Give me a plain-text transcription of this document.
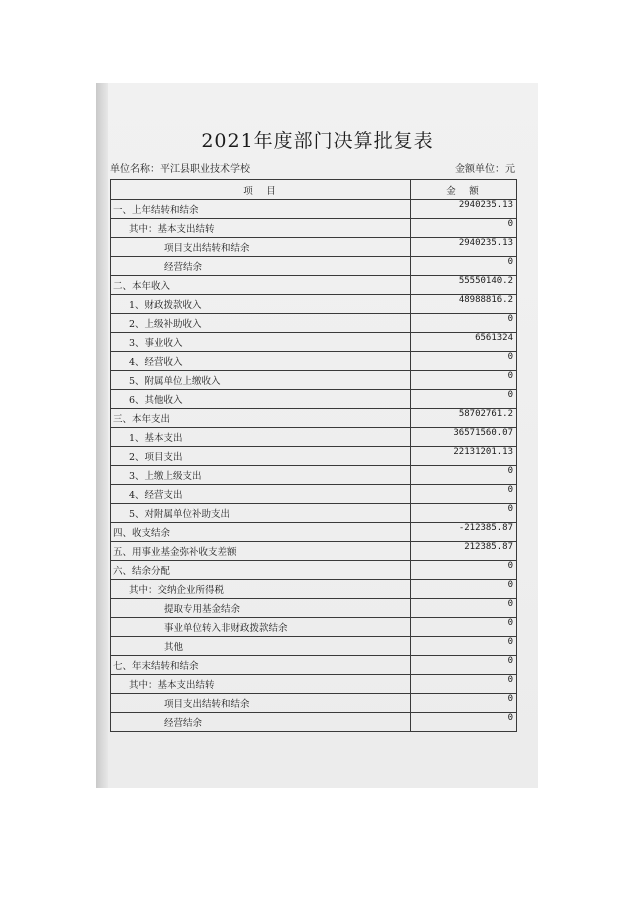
2021年度部门决算批复表
单位名称：平江县职业技术学校	金额单位：元
项　目	金　额
一、上年结转和结余	2940235.13
其中：基本支出结转	0
项目支出结转和结余	2940235.13
经营结余	0
二、本年收入	55550140.2
1、财政拨款收入	48988816.2
2、上级补助收入	0
3、事业收入	6561324
4、经营收入	0
5、附属单位上缴收入	0
6、其他收入	0
三、本年支出	58702761.2
1、基本支出	36571560.07
2、项目支出	22131201.13
3、上缴上级支出	0
4、经营支出	0
5、对附属单位补助支出	0
四、收支结余	-212385.87
五、用事业基金弥补收支差额	212385.87
六、结余分配	0
其中：交纳企业所得税	0
提取专用基金结余	0
事业单位转入非财政拨款结余	0
其他	0
七、年末结转和结余	0
其中：基本支出结转	0
项目支出结转和结余	0
经营结余	0
